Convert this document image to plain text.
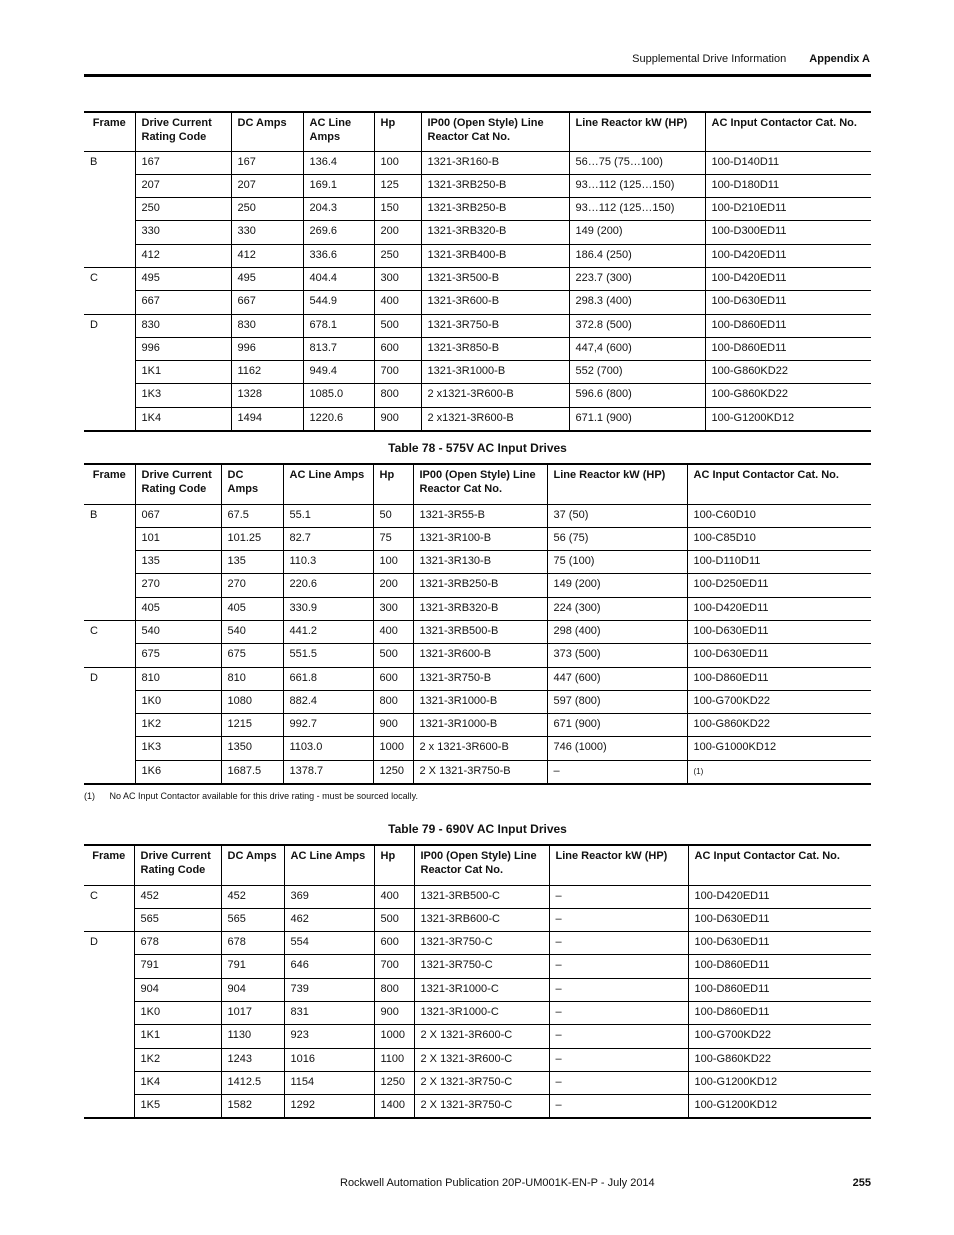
Supplemental Drive Information Appendix A
Frame	Drive Current Rating Code	DC Amps	AC Line Amps	Hp	IP00 (Open Style) Line Reactor Cat No.	Line Reactor kW (HP)	AC Input Contactor Cat. No.
B	167	167	136.4	100	1321-3R160-B	56…75 (75…100)	100-D140D11
	207	207	169.1	125	1321-3RB250-B	93…112 (125…150)	100-D180D11
	250	250	204.3	150	1321-3RB250-B	93…112 (125…150)	100-D210ED11
	330	330	269.6	200	1321-3RB320-B	149 (200)	100-D300ED11
	412	412	336.6	250	1321-3RB400-B	186.4 (250)	100-D420ED11
C	495	495	404.4	300	1321-3R500-B	223.7 (300)	100-D420ED11
	667	667	544.9	400	1321-3R600-B	298.3 (400)	100-D630ED11
D	830	830	678.1	500	1321-3R750-B	372.8 (500)	100-D860ED11
	996	996	813.7	600	1321-3R850-B	447,4 (600)	100-D860ED11
	1K1	1162	949.4	700	1321-3R1000-B	552 (700)	100-G860KD22
	1K3	1328	1085.0	800	2 x1321-3R600-B	596.6 (800)	100-G860KD22
	1K4	1494	1220.6	900	2 x1321-3R600-B	671.1 (900)	100-G1200KD12
Table 78 - 575V AC Input Drives
Frame	Drive Current Rating Code	DC Amps	AC Line Amps	Hp	IP00 (Open Style) Line Reactor Cat No.	Line Reactor kW (HP)	AC Input Contactor Cat. No.
B	067	67.5	55.1	50	1321-3R55-B	37 (50)	100-C60D10
	101	101.25	82.7	75	1321-3R100-B	56 (75)	100-C85D10
	135	135	110.3	100	1321-3R130-B	75 (100)	100-D110D11
	270	270	220.6	200	1321-3RB250-B	149 (200)	100-D250ED11
	405	405	330.9	300	1321-3RB320-B	224 (300)	100-D420ED11
C	540	540	441.2	400	1321-3RB500-B	298 (400)	100-D630ED11
	675	675	551.5	500	1321-3R600-B	373 (500)	100-D630ED11
D	810	810	661.8	600	1321-3R750-B	447 (600)	100-D860ED11
	1K0	1080	882.4	800	1321-3R1000-B	597 (800)	100-G700KD22
	1K2	1215	992.7	900	1321-3R1000-B	671 (900)	100-G860KD22
	1K3	1350	1103.0	1000	2 x 1321-3R600-B	746 (1000)	100-G1000KD12
	1K6	1687.5	1378.7	1250	2 X 1321-3R750-B	–	(1)
(1) No AC Input Contactor available for this drive rating - must be sourced locally.
Table 79 - 690V AC Input Drives
Frame	Drive Current Rating Code	DC Amps	AC Line Amps	Hp	IP00 (Open Style) Line Reactor Cat No.	Line Reactor kW (HP)	AC Input Contactor Cat. No.
C	452	452	369	400	1321-3RB500-C	–	100-D420ED11
	565	565	462	500	1321-3RB600-C	–	100-D630ED11
D	678	678	554	600	1321-3R750-C	–	100-D630ED11
	791	791	646	700	1321-3R750-C	–	100-D860ED11
	904	904	739	800	1321-3R1000-C	–	100-D860ED11
	1K0	1017	831	900	1321-3R1000-C	–	100-D860ED11
	1K1	1130	923	1000	2 X 1321-3R600-C	–	100-G700KD22
	1K2	1243	1016	1100	2 X 1321-3R600-C	–	100-G860KD22
	1K4	1412.5	1154	1250	2 X 1321-3R750-C	–	100-G1200KD12
	1K5	1582	1292	1400	2 X 1321-3R750-C	–	100-G1200KD12
Rockwell Automation Publication 20P-UM001K-EN-P - July 2014	255
